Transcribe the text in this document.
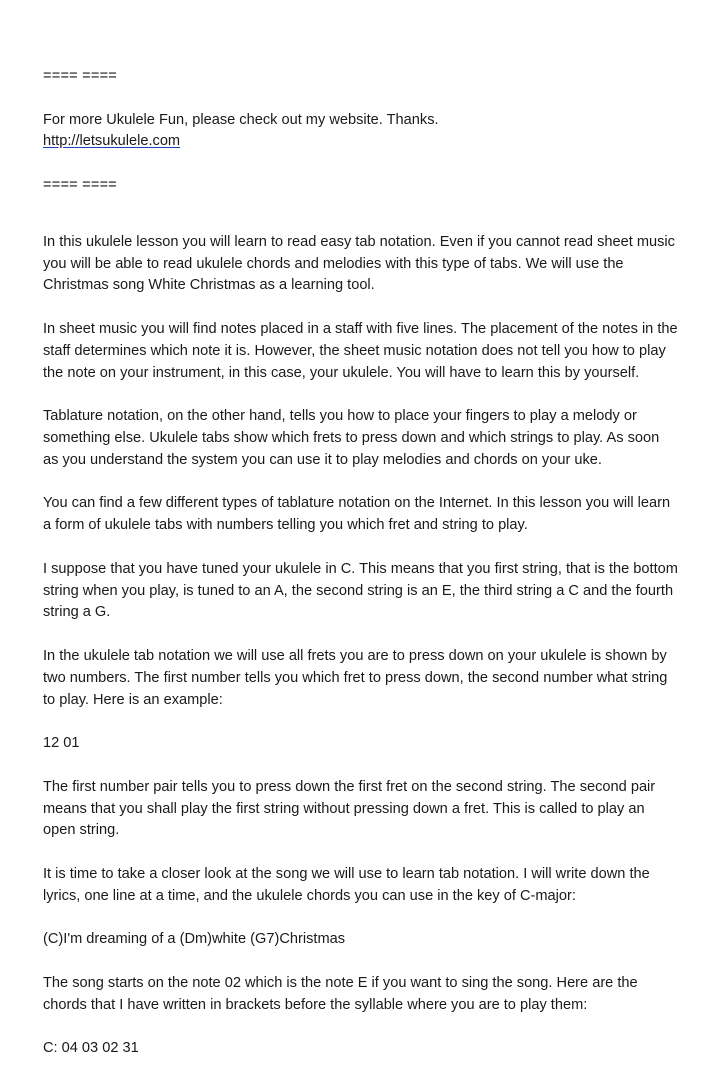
==== ====
For more Ukulele Fun, please check out my website. Thanks.
http://letsukulele.com
==== ====
In this ukulele lesson you will learn to read easy tab notation. Even if you cannot read sheet music
you will be able to read ukulele chords and melodies with this type of tabs. We will use the
Christmas song White Christmas as a learning tool.
In sheet music you will find notes placed in a staff with five lines. The placement of the notes in the
staff determines which note it is. However, the sheet music notation does not tell you how to play
the note on your instrument, in this case, your ukulele. You will have to learn this by yourself.
Tablature notation, on the other hand, tells you how to place your fingers to play a melody or
something else. Ukulele tabs show which frets to press down and which strings to play. As soon
as you understand the system you can use it to play melodies and chords on your uke.
You can find a few different types of tablature notation on the Internet. In this lesson you will learn
a form of ukulele tabs with numbers telling you which fret and string to play.
I suppose that you have tuned your ukulele in C. This means that you first string, that is the bottom
string when you play, is tuned to an A, the second string is an E, the third string a C and the fourth
string a G.
In the ukulele tab notation we will use all frets you are to press down on your ukulele is shown by
two numbers. The first number tells you which fret to press down, the second number what string
to play. Here is an example:
12 01
The first number pair tells you to press down the first fret on the second string. The second pair
means that you shall play the first string without pressing down a fret. This is called to play an
open string.
It is time to take a closer look at the song we will use to learn tab notation. I will write down the
lyrics, one line at a time, and the ukulele chords you can use in the key of C-major:
(C)I'm dreaming of a (Dm)white (G7)Christmas
The song starts on the note 02 which is the note E if you want to sing the song. Here are the
chords that I have written in brackets before the syllable where you are to play them:
C: 04 03 02 31
